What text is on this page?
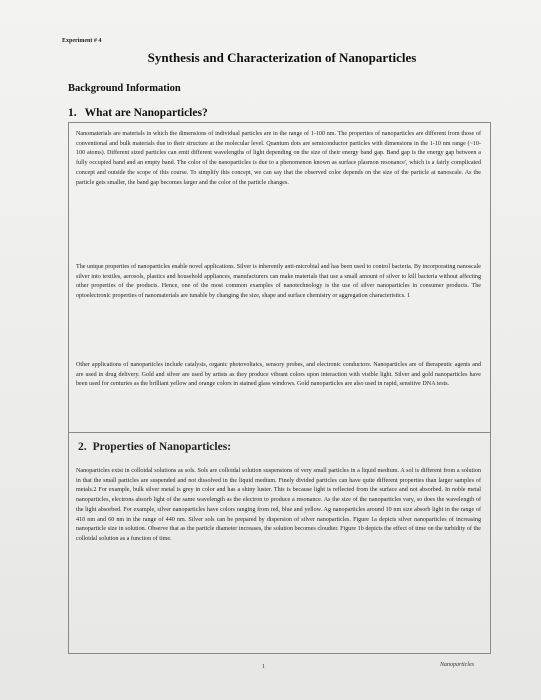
Experiment # 4
Synthesis and Characterization of Nanoparticles
Background Information
1. What are Nanoparticles?
Nanomaterials are materials in which the dimensions of individual particles are in the range of 1-100 nm. The properties of nanoparticles are different from those of conventional and bulk materials due to their structure at the molecular level. Quantum dots are semiconductor particles with dimensions in the 1-10 nm range (~10-100 atoms). Different sized particles can emit different wavelengths of light depending on the size of their energy band gap. Band gap is the energy gap between a fully occupied band and an empty band. The color of the nanoparticles is due to a phenomenon known as surface plasmon resonance', which is a fairly complicated concept and outside the scope of this course. To simplify this concept, we can say that the observed color depends on the size of the particle at nanoscale. As the particle gets smaller, the band gap becomes larger and the color of the particle changes.
The unique properties of nanoparticles enable novel applications. Silver is inherently anti-microbial and has been used to control bacteria. By incorporating nanoscale silver into textiles, aerosols, plastics and household appliances, manufacturers can make materials that use a small amount of silver to kill bacteria without affecting other properties of the products. Hence, one of the most common examples of nanotechnology is the use of silver nanoparticles in consumer products. The optoelectronic properties of nanomaterials are tunable by changing the size, shape and surface chemistry or aggregation characteristics. 1
Other applications of nanoparticles include catalysis, organic photovoltaics, sensory probes, and electronic conductors. Nanoparticles are of therapeutic agents and are used in drug delivery. Gold and silver are used by artists as they produce vibrant colors upon interaction with visible light. Silver and gold nanoparticles have been used for centuries as the brilliant yellow and orange colors in stained glass windows. Gold nanoparticles are also used in rapid, sensitive DNA tests.
2. Properties of Nanoparticles:
Nanoparticles exist in colloidal solutions as sols. Sols are colloidal solution suspensions of very small particles in a liquid medium. A sol is different from a solution in that the small particles are suspended and not dissolved in the liquid medium. Finely divided particles can have quite different properties than larger samples of metals.2 For example, bulk silver metal is grey in color and has a shiny luster. This is because light is reflected from the surface and not absorbed. In noble metal nanoparticles, electrons absorb light of the same wavelength as the electron to produce a resonance. As the size of the nanoparticles vary, so does the wavelength of the light absorbed. For example, silver nanoparticles have colors ranging from red, blue and yellow. Ag nanoparticles around 10 nm size absorb light in the range of 410 nm and 60 nm in the range of 440 nm. Silver sols can be prepared by dispersion of silver nanoparticles. Figure 1a depicts silver nanoparticles of increasing nanoparticle size in solution. Observe that as the particle diameter increases, the solution becomes cloudier. Figure 1b depicts the effect of time on the turbidity of the colloidal solution as a function of time.
1	Nanoparticles
